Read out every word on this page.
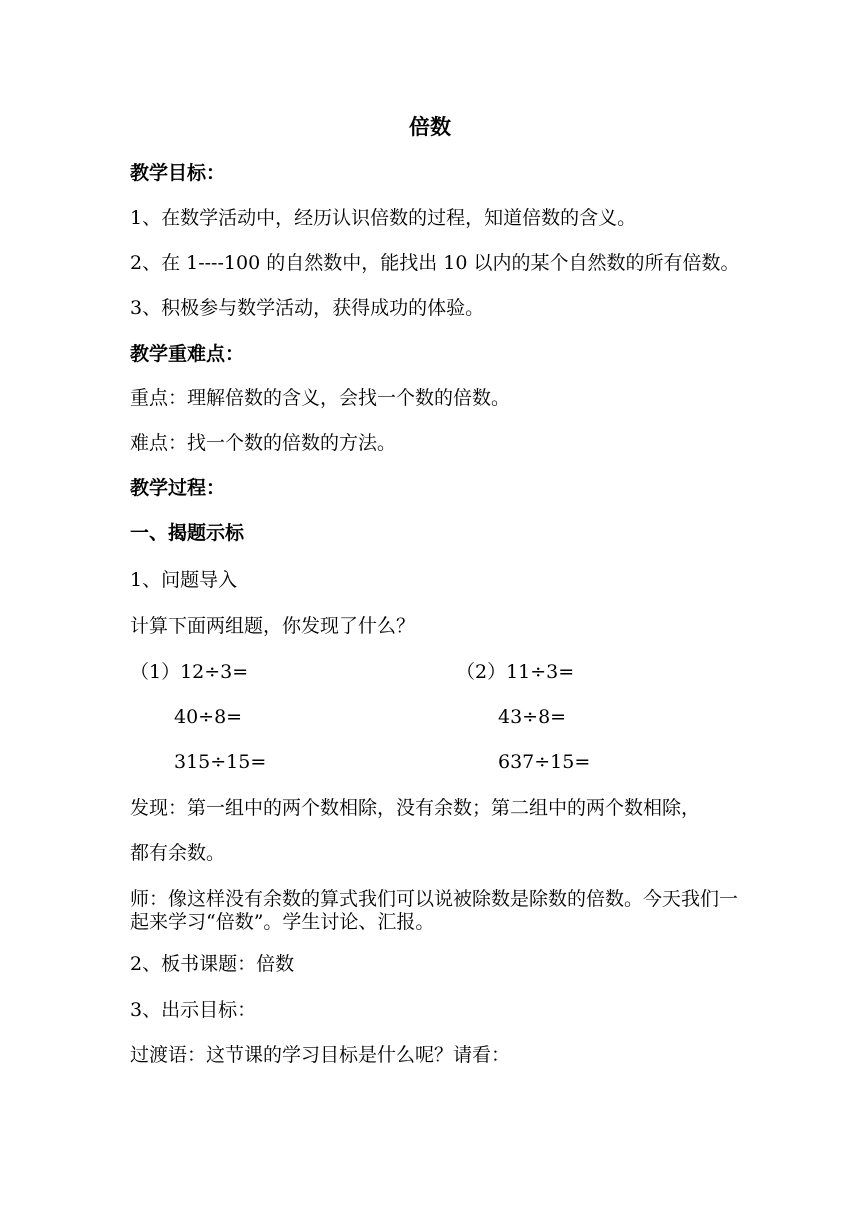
倍数
教学目标：
1、在数学活动中，经历认识倍数的过程，知道倍数的含义。
2、在 1----100 的自然数中，能找出 10 以内的某个自然数的所有倍数。
3、积极参与数学活动，获得成功的体验。
教学重难点：
重点：理解倍数的含义，会找一个数的倍数。
难点：找一个数的倍数的方法。
教学过程：
一、揭题示标
1、问题导入
计算下面两组题，你发现了什么？
（1）12÷3=
40÷8=
315÷15=
（2）11÷3=
43÷8=
637÷15=
发现：第一组中的两个数相除，没有余数；第二组中的两个数相除，
都有余数。
师：像这样没有余数的算式我们可以说被除数是除数的倍数。今天我们一起来学习“倍数”。学生讨论、汇报。
2、板书课题：倍数
3、出示目标：
过渡语：这节课的学习目标是什么呢？请看：
